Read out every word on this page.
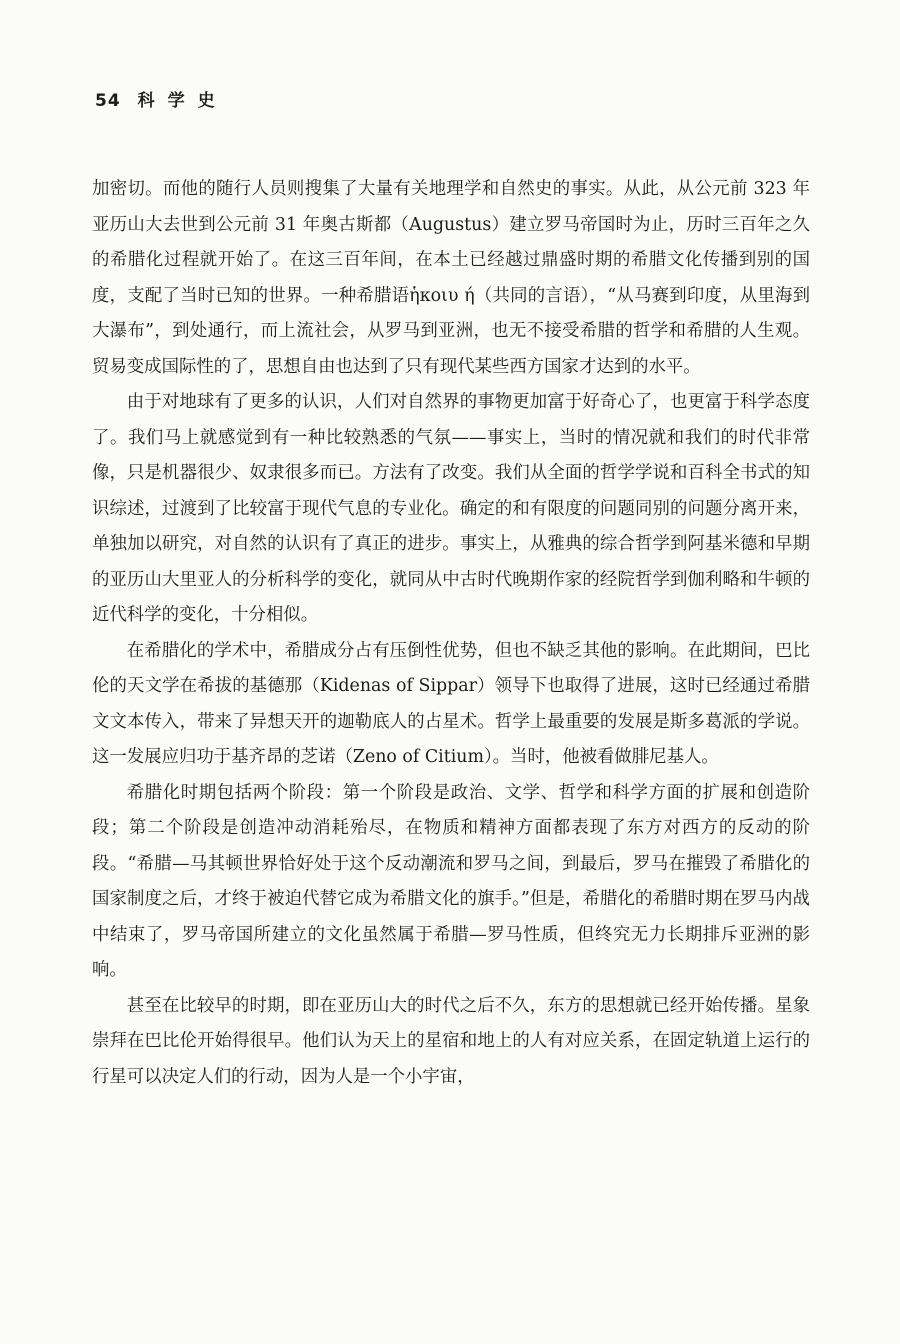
54 科学史

加密切。而他的随行人员则搜集了大量有关地理学和自然史的事实。从此，从公元前 323 年亚历山大去世到公元前 31 年奥古斯都（Augustus）建立罗马帝国时为止，历时三百年之久的希腊化过程就开始了。在这三百年间，在本土已经越过鼎盛时期的希腊文化传播到别的国度，支配了当时已知的世界。一种希腊语ἡκοιυ ή（共同的言语），“从马赛到印度，从里海到大瀑布”，到处通行，而上流社会，从罗马到亚洲，也无不接受希腊的哲学和希腊的人生观。贸易变成国际性的了，思想自由也达到了只有现代某些西方国家才达到的水平。

由于对地球有了更多的认识，人们对自然界的事物更加富于好奇心了，也更富于科学态度了。我们马上就感觉到有一种比较熟悉的气氛——事实上，当时的情况就和我们的时代非常像，只是机器很少、奴隶很多而已。方法有了改变。我们从全面的哲学学说和百科全书式的知识综述，过渡到了比较富于现代气息的专业化。确定的和有限度的问题同别的问题分离开来，单独加以研究，对自然的认识有了真正的进步。事实上，从雅典的综合哲学到阿基米德和早期的亚历山大里亚人的分析科学的变化，就同从中古时代晚期作家的经院哲学到伽利略和牛顿的近代科学的变化，十分相似。

在希腊化的学术中，希腊成分占有压倒性优势，但也不缺乏其他的影响。在此期间，巴比伦的天文学在希拔的基德那（Kidenas of Sippar）领导下也取得了进展，这时已经通过希腊文文本传入，带来了异想天开的迦勒底人的占星术。哲学上最重要的发展是斯多葛派的学说。这一发展应归功于基齐昂的芝诺（Zeno of Citium）。当时，他被看做腓尼基人。

希腊化时期包括两个阶段：第一个阶段是政治、文学、哲学和科学方面的扩展和创造阶段；第二个阶段是创造冲动消耗殆尽，在物质和精神方面都表现了东方对西方的反动的阶段。“希腊—马其顿世界恰好处于这个反动潮流和罗马之间，到最后，罗马在摧毁了希腊化的国家制度之后，才终于被迫代替它成为希腊文化的旗手。”但是，希腊化的希腊时期在罗马内战中结束了，罗马帝国所建立的文化虽然属于希腊—罗马性质，但终究无力长期排斥亚洲的影响。

甚至在比较早的时期，即在亚历山大的时代之后不久，东方的思想就已经开始传播。星象崇拜在巴比伦开始得很早。他们认为天上的星宿和地上的人有对应关系，在固定轨道上运行的行星可以决定人们的行动，因为人是一个小宇宙，
